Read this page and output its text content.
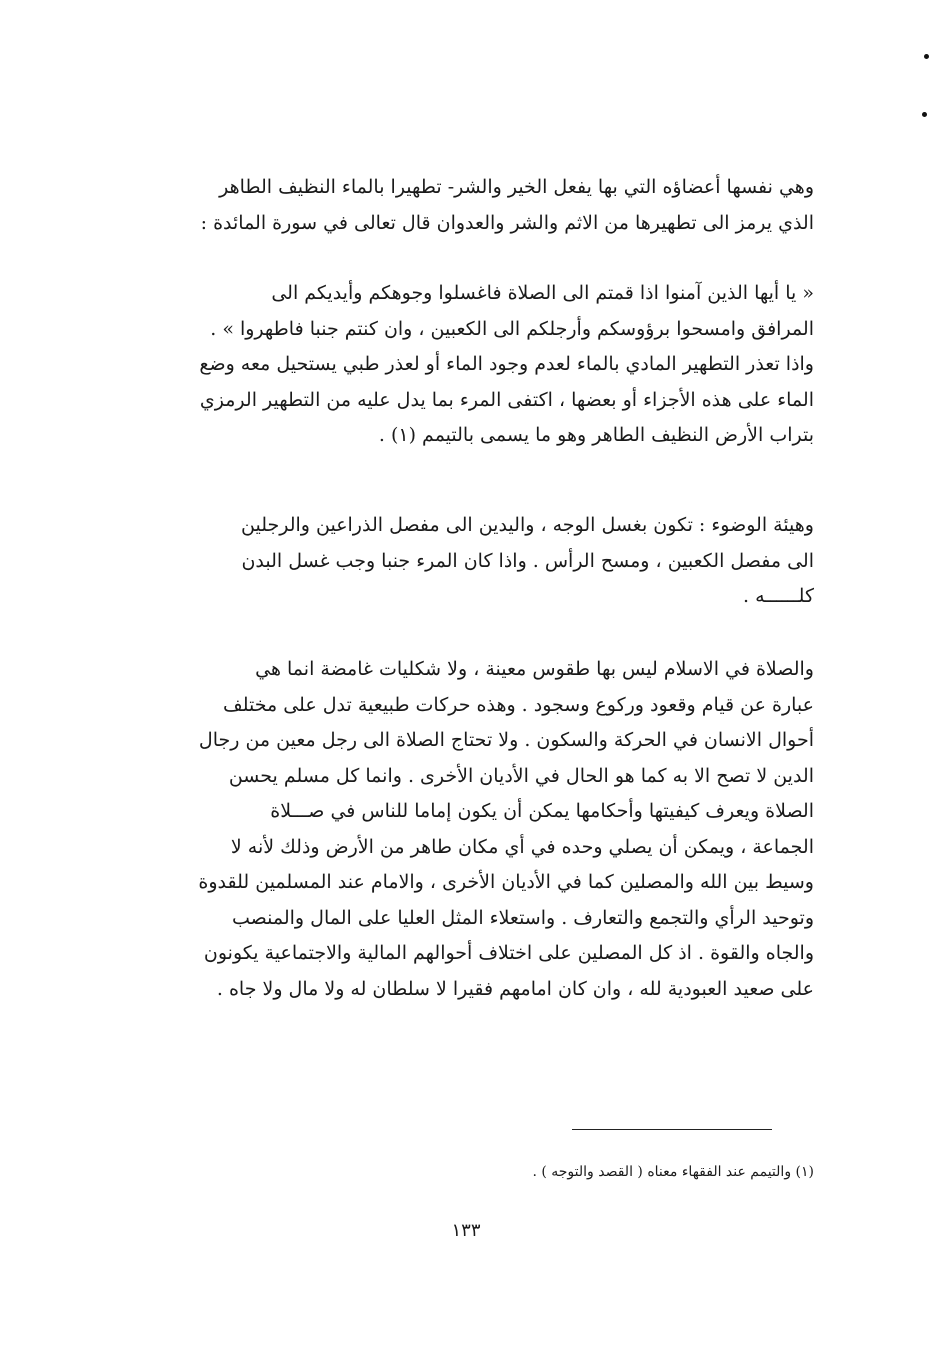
وهي نفسها أعضاؤه التي بها يفعل الخير والشر- تطهيرا بالماء النظيف الطاهر
الذي يرمز الى تطهيرها من الاثم والشر والعدوان قال تعالى في سورة المائدة :

« يا أيها الذين آمنوا اذا قمتم الى الصلاة فاغسلوا وجوهكم وأيديكم الى
المرافق وامسحوا برؤوسكم وأرجلكم الى الكعبين ، وان كنتم جنبا فاطهروا » .
واذا تعذر التطهير المادي بالماء لعدم وجود الماء أو لعذر طبي يستحيل معه وضع
الماء على هذه الأجزاء أو بعضها ، اكتفى المرء بما يدل عليه من التطهير الرمزي
بتراب الأرض النظيف الطاهر وهو ما يسمى بالتيمم (١) .

وهيئة الوضوء : تكون بغسل الوجه ، واليدين الى مفصل الذراعين والرجلين
الى مفصل الكعبين ، ومسح الرأس . واذا كان المرء جنبا وجب غسل البدن
كلــــــه .

والصلاة في الاسلام ليس بها طقوس معينة ، ولا شكليات غامضة انما هي
عبارة عن قيام وقعود وركوع وسجود . وهذه حركات طبيعية تدل على مختلف
أحوال الانسان في الحركة والسكون . ولا تحتاج الصلاة الى رجل معين من رجال
الدين لا تصح الا به كما هو الحال في الأديان الأخرى . وانما كل مسلم يحسن
الصلاة ويعرف كيفيتها وأحكامها يمكن أن يكون إماما للناس في صـــلاة
الجماعة ، ويمكن أن يصلي وحده في أي مكان طاهر من الأرض وذلك لأنه لا
وسيط بين الله والمصلين كما في الأديان الأخرى ، والامام عند المسلمين للقدوة
وتوحيد الرأي والتجمع والتعارف . واستعلاء المثل العليا على المال والمنصب
والجاه والقوة . اذ كل المصلين على اختلاف أحوالهم المالية والاجتماعية يكونون
على صعيد العبودية لله ، وان كان امامهم فقيرا لا سلطان له ولا مال ولا جاه .

(١) والتيمم عند الفقهاء معناه ( القصد والتوجه ) .

١٣٣
